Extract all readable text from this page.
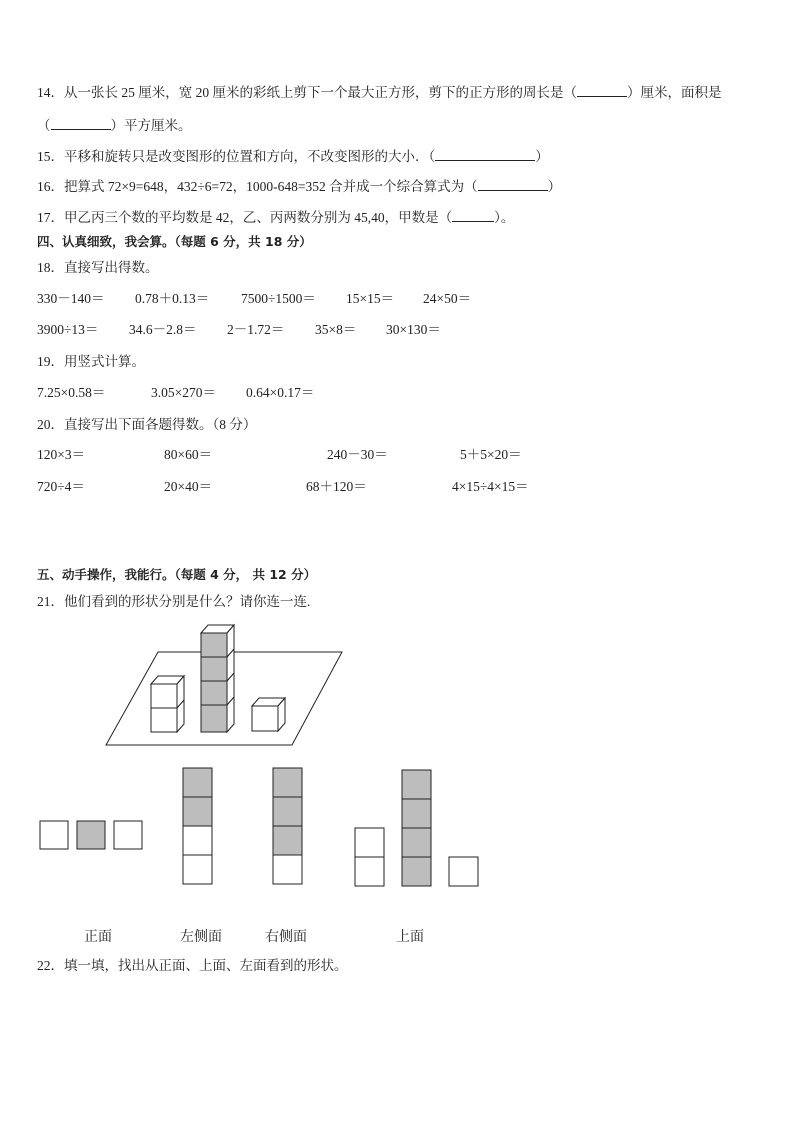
14．从一张长 25 厘米，宽 20 厘米的彩纸上剪下一个最大正方形，剪下的正方形的周长是（	）厘米，面积是
（	）平方厘米。
15．平移和旋转只是改变图形的位置和方向，不改变图形的大小．（	）
16．把算式 72×9=648，432÷6=72，1000-648=352 合并成一个综合算式为（	）
17．甲乙丙三个数的平均数是 42，乙、丙两数分别为 45,40，甲数是（	）。
四、认真细致，我会算。（每题 6 分，共 18 分）
18．直接写出得数。
330－140＝ 0.78＋0.13＝ 7500÷1500＝ 15×15＝ 24×50＝
3900÷13＝ 34.6－2.8＝ 2－1.72＝ 35×8＝ 30×130＝
19．用竖式计算。
7.25×0.58＝	3.05×270＝ 0.64×0.17＝
20．直接写出下面各题得数。（8 分）
120×3＝	80×60＝	240－30＝	5＋5×20＝
720÷4＝	20×40＝	68＋120＝	4×15÷4×15＝
五、动手操作，我能行。（每题 4 分， 共 12 分）
21．他们看到的形状分别是什么？请你连一连.
正面	左侧面	右侧面	上面
22．填一填，找出从正面、上面、左面看到的形状。
